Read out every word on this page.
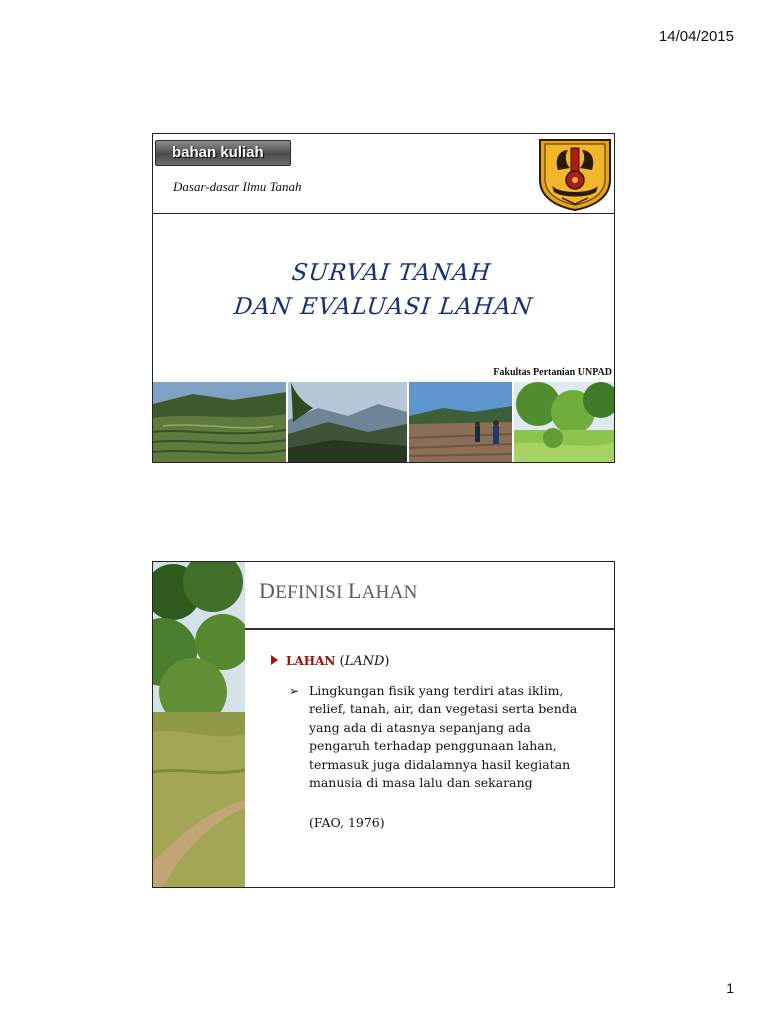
14/04/2015
bahan kuliah
Dasar-dasar Ilmu Tanah
SURVAI TANAH
DAN EVALUASI LAHAN
Fakultas Pertanian UNPAD
DEFINISI LAHAN
LAHAN (LAND)
➢ Lingkungan fisik yang terdiri atas iklim, relief, tanah, air, dan vegetasi serta benda yang ada di atasnya sepanjang ada pengaruh terhadap penggunaan lahan, termasuk juga didalamnya hasil kegiatan manusia di masa lalu dan sekarang
(FAO, 1976)
1
